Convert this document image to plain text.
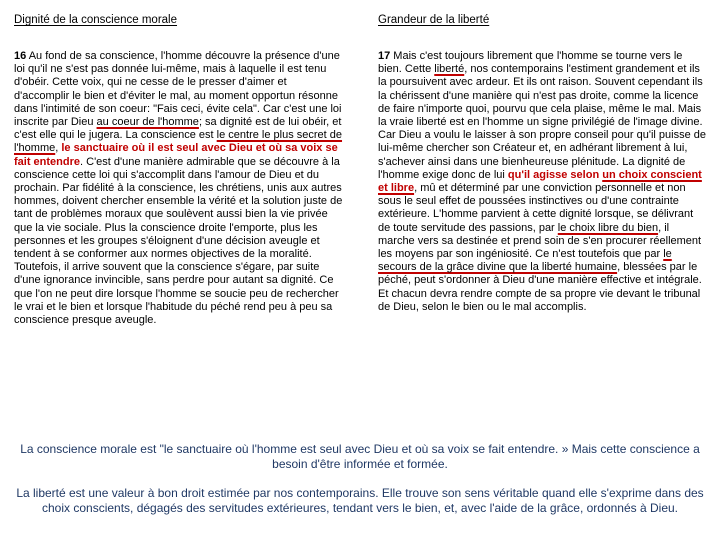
Dignité de la conscience morale
16 Au fond de sa conscience, l'homme découvre la présence d'une loi qu'il ne s'est pas donnée lui-même, mais à laquelle il est tenu d'obéir. Cette voix, qui ne cesse de le presser d'aimer et d'accomplir le bien et d'éviter le mal, au moment opportun résonne dans l'intimité de son coeur: "Fais ceci, évite cela". Car c'est une loi inscrite par Dieu au coeur de l'homme; sa dignité est de lui obéir, et c'est elle qui le jugera. La conscience est le centre le plus secret de l'homme, le sanctuaire où il est seul avec Dieu et où sa voix se fait entendre. C'est d'une manière admirable que se découvre à la conscience cette loi qui s'accomplit dans l'amour de Dieu et du prochain. Par fidélité à la conscience, les chrétiens, unis aux autres hommes, doivent chercher ensemble la vérité et la solution juste de tant de problèmes moraux que soulèvent aussi bien la vie privée que la vie sociale. Plus la conscience droite l'emporte, plus les personnes et les groupes s'éloignent d'une décision aveugle et tendent à se conformer aux normes objectives de la moralité. Toutefois, il arrive souvent que la conscience s'égare, par suite d'une ignorance invincible, sans perdre pour autant sa dignité. Ce que l'on ne peut dire lorsque l'homme se soucie peu de rechercher le vrai et le bien et lorsque l'habitude du péché rend peu à peu sa conscience presque aveugle.
Grandeur de la liberté
17 Mais c'est toujours librement que l'homme se tourne vers le bien. Cette liberté, nos contemporains l'estiment grandement et ils la poursuivent avec ardeur. Et ils ont raison. Souvent cependant ils la chérissent d'une manière qui n'est pas droite, comme la licence de faire n'importe quoi, pourvu que cela plaise, même le mal. Mais la vraie liberté est en l'homme un signe privilégié de l'image divine. Car Dieu a voulu le laisser à son propre conseil pour qu'il puisse de lui-même chercher son Créateur et, en adhérant librement à lui, s'achever ainsi dans une bienheureuse plénitude. La dignité de l'homme exige donc de lui qu'il agisse selon un choix conscient et libre, mû et déterminé par une conviction personnelle et non sous le seul effet de poussées instinctives ou d'une contrainte extérieure. L'homme parvient à cette dignité lorsque, se délivrant de toute servitude des passions, par le choix libre du bien, il marche vers sa destinée et prend soin de s'en procurer réellement les moyens par son ingéniosité. Ce n'est toutefois que par le secours de la grâce divine que la liberté humaine, blessées par le péché, peut s'ordonner à Dieu d'une manière effective et intégrale. Et chacun devra rendre compte de sa propre vie devant le tribunal de Dieu, selon le bien ou le mal accomplis.
La conscience morale est "le sanctuaire où l'homme est seul avec Dieu et où sa voix se fait entendre. » Mais cette conscience a besoin d'être informée et formée.
La liberté est une valeur à bon droit estimée par nos contemporains. Elle trouve son sens véritable quand elle s'exprime dans des choix conscients, dégagés des servitudes extérieures, tendant vers le bien, et, avec l'aide de la grâce, ordonnés à Dieu.
